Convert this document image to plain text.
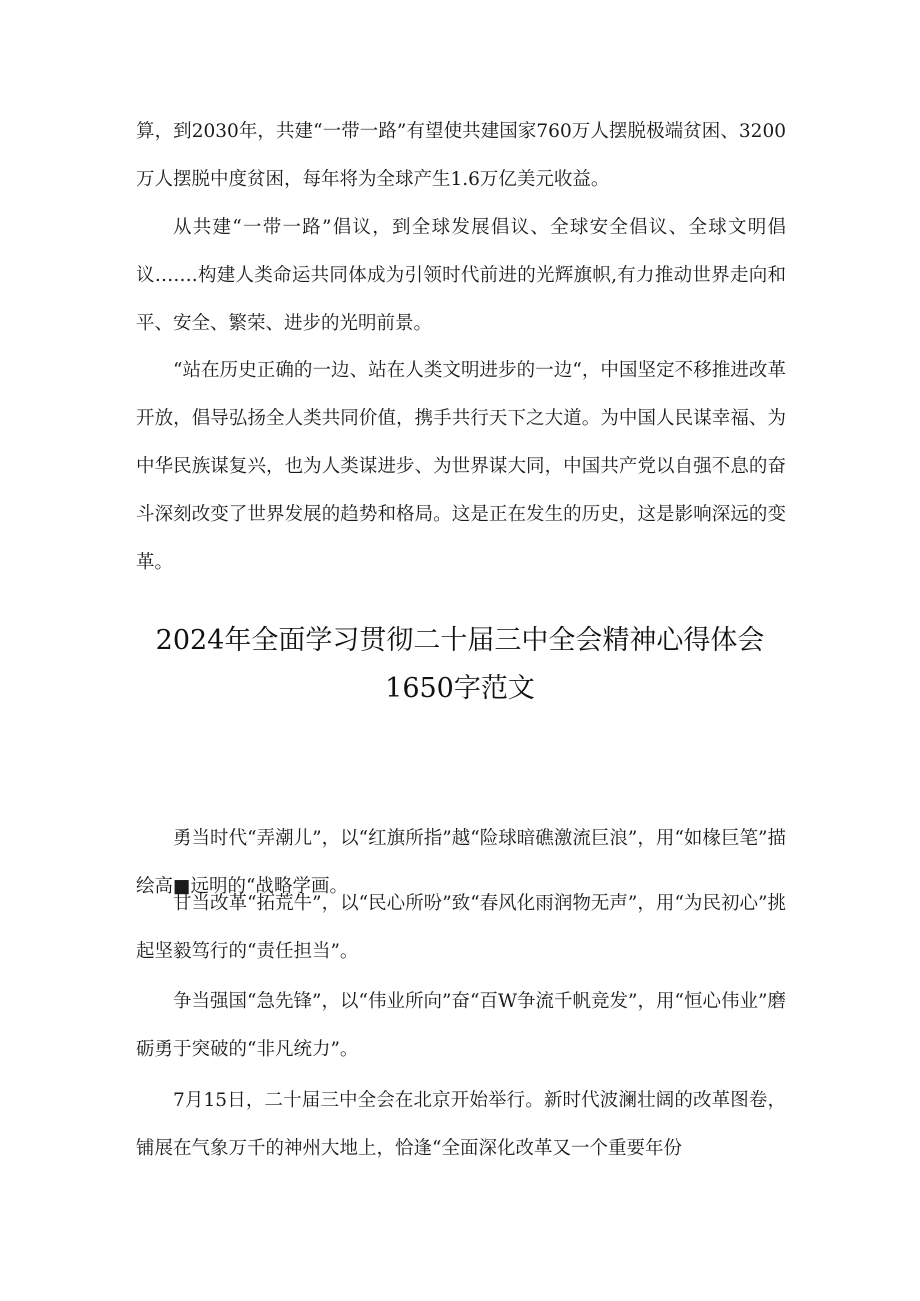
算，到2030年，共建“一带一路”有望使共建国家760万人摆脱极端贫困、3200万人摆脱中度贫困，每年将为全球产生1.6万亿美元收益。

从共建“一带一路”倡议，到全球发展倡议、全球安全倡议、全球文明倡议…….构建人类命运共同体成为引领时代前进的光辉旗帜,有力推动世界走向和平、安全、繁荣、进步的光明前景。

“站在历史正确的一边、站在人类文明进步的一边“，中国坚定不移推进改革开放，倡导弘扬全人类共同价值，携手共行天下之大道。为中国人民谋幸福、为中华民族谋复兴，也为人类谋进步、为世界谋大同，中国共产党以自强不息的奋斗深刻改变了世界发展的趋势和格局。这是正在发生的历史，这是影响深远的变革。

2024年全面学习贯彻二十届三中全会精神心得体会
1650字范文

勇当时代“弄潮儿”，以“红旗所指”越“险球暗礁激流巨浪”，用“如椽巨笔”描绘高■远明的“战略学画。

甘当改革“拓荒牛”，以“民心所吩”致“春风化雨润物无声”，用“为民初心”挑起坚毅笃行的“责任担当”。

争当强国“急先锋”，以“伟业所向”奋“百W争流千帆竞发”，用“恒心伟业”磨砺勇于突破的“非凡统力”。

7月15日，二十届三中全会在北京开始举行。新时代波澜壮阔的改革图卷，铺展在气象万千的神州大地上，恰逢“全面深化改革又一个重要年份
